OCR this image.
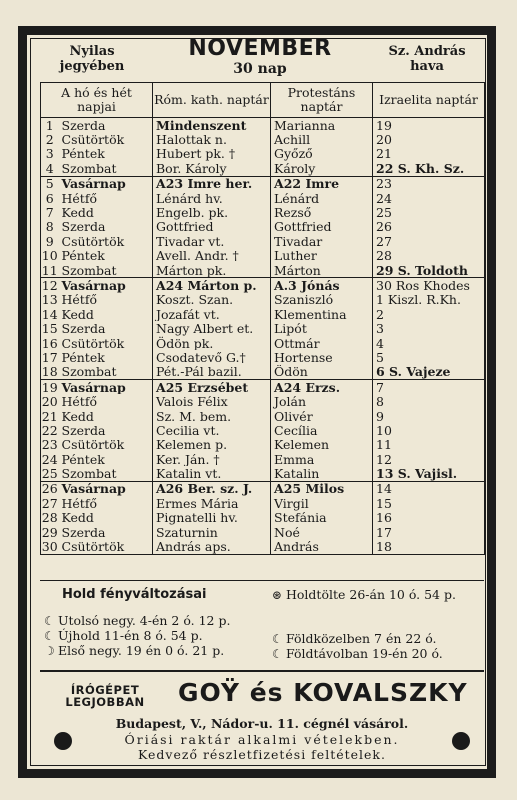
Nyilas jegyében
NOVEMBER
30 nap
Sz. András hava
A hó és hét napjai		Róm. kath. naptár	Protestáns naptár	Izraelita naptár
1	Szerda	Mindenszent	Marianna	19
2	Csütörtök	Halottak n.	Achill	20
3	Péntek	Hubert pk. †	Győző	21
4	Szombat	Bor. Károly	Károly	22 S. Kh. Sz.
5	Vasárnap	A23 Imre her.	A22 Imre	23
6	Hétfő	Lénárd hv.	Lénárd	24
7	Kedd	Engelb. pk.	Rezső	25
8	Szerda	Gottfried	Gottfried	26
9	Csütörtök	Tivadar vt.	Tivadar	27
10	Péntek	Avell. Andr. †	Luther	28
11	Szombat	Márton pk.	Márton	29 S. Toldoth
12	Vasárnap	A24 Márton p.	A.3 Jónás	30 Ros Khodes
13	Hétfő	Koszt. Szan.	Szaniszló	1 Kiszl. R.Kh.
14	Kedd	Jozafát vt.	Klementina	2
15	Szerda	Nagy Albert et.	Lipót	3
16	Csütörtök	Ödön pk.	Ottmár	4
17	Péntek	Csodatevő G.†	Hortense	5
18	Szombat	Pét.-Pál bazil.	Ödön	6 S. Vajeze
19	Vasárnap	A25 Erzsébet	A24 Erzs.	7
20	Hétfő	Valois Félix	Jolán	8
21	Kedd	Sz. M. bem.	Olivér	9
22	Szerda	Cecilia vt.	Cecília	10
23	Csütörtök	Kelemen p.	Kelemen	11
24	Péntek	Ker. Ján. †	Emma	12
25	Szombat	Katalin vt.	Katalin	13 S. Vajisl.
26	Vasárnap	A26 Ber. sz. J.	A25 Milos	14
27	Hétfő	Ermes Mária	Virgil	15
28	Kedd	Pignatelli hv.	Stefánia	16
29	Szerda	Szaturnin	Noé	17
30	Csütörtök	András aps.	András	18
Hold fényváltozásai	⊛ Holdtölte 26-án 10 ó. 54 p.
☾ Utolsó negy. 4-én 2 ó. 12 p.
☾ Újhold 11-én 8 ó. 54 p.
☽ Első negy. 19 én 0 ó. 21 p.
☾ Földközelben 7 én 22 ó.
☾ Földtávolban 19-én 20 ó.
ÍRÓGÉPET
LEGJOBBAN	GOŸ és KOVALSZKY
Budapest, V., Nádor-u. 11. cégnél vásárol.
Óriási raktár alkalmi vételekben.
Kedvező részletfizetési feltételek.
